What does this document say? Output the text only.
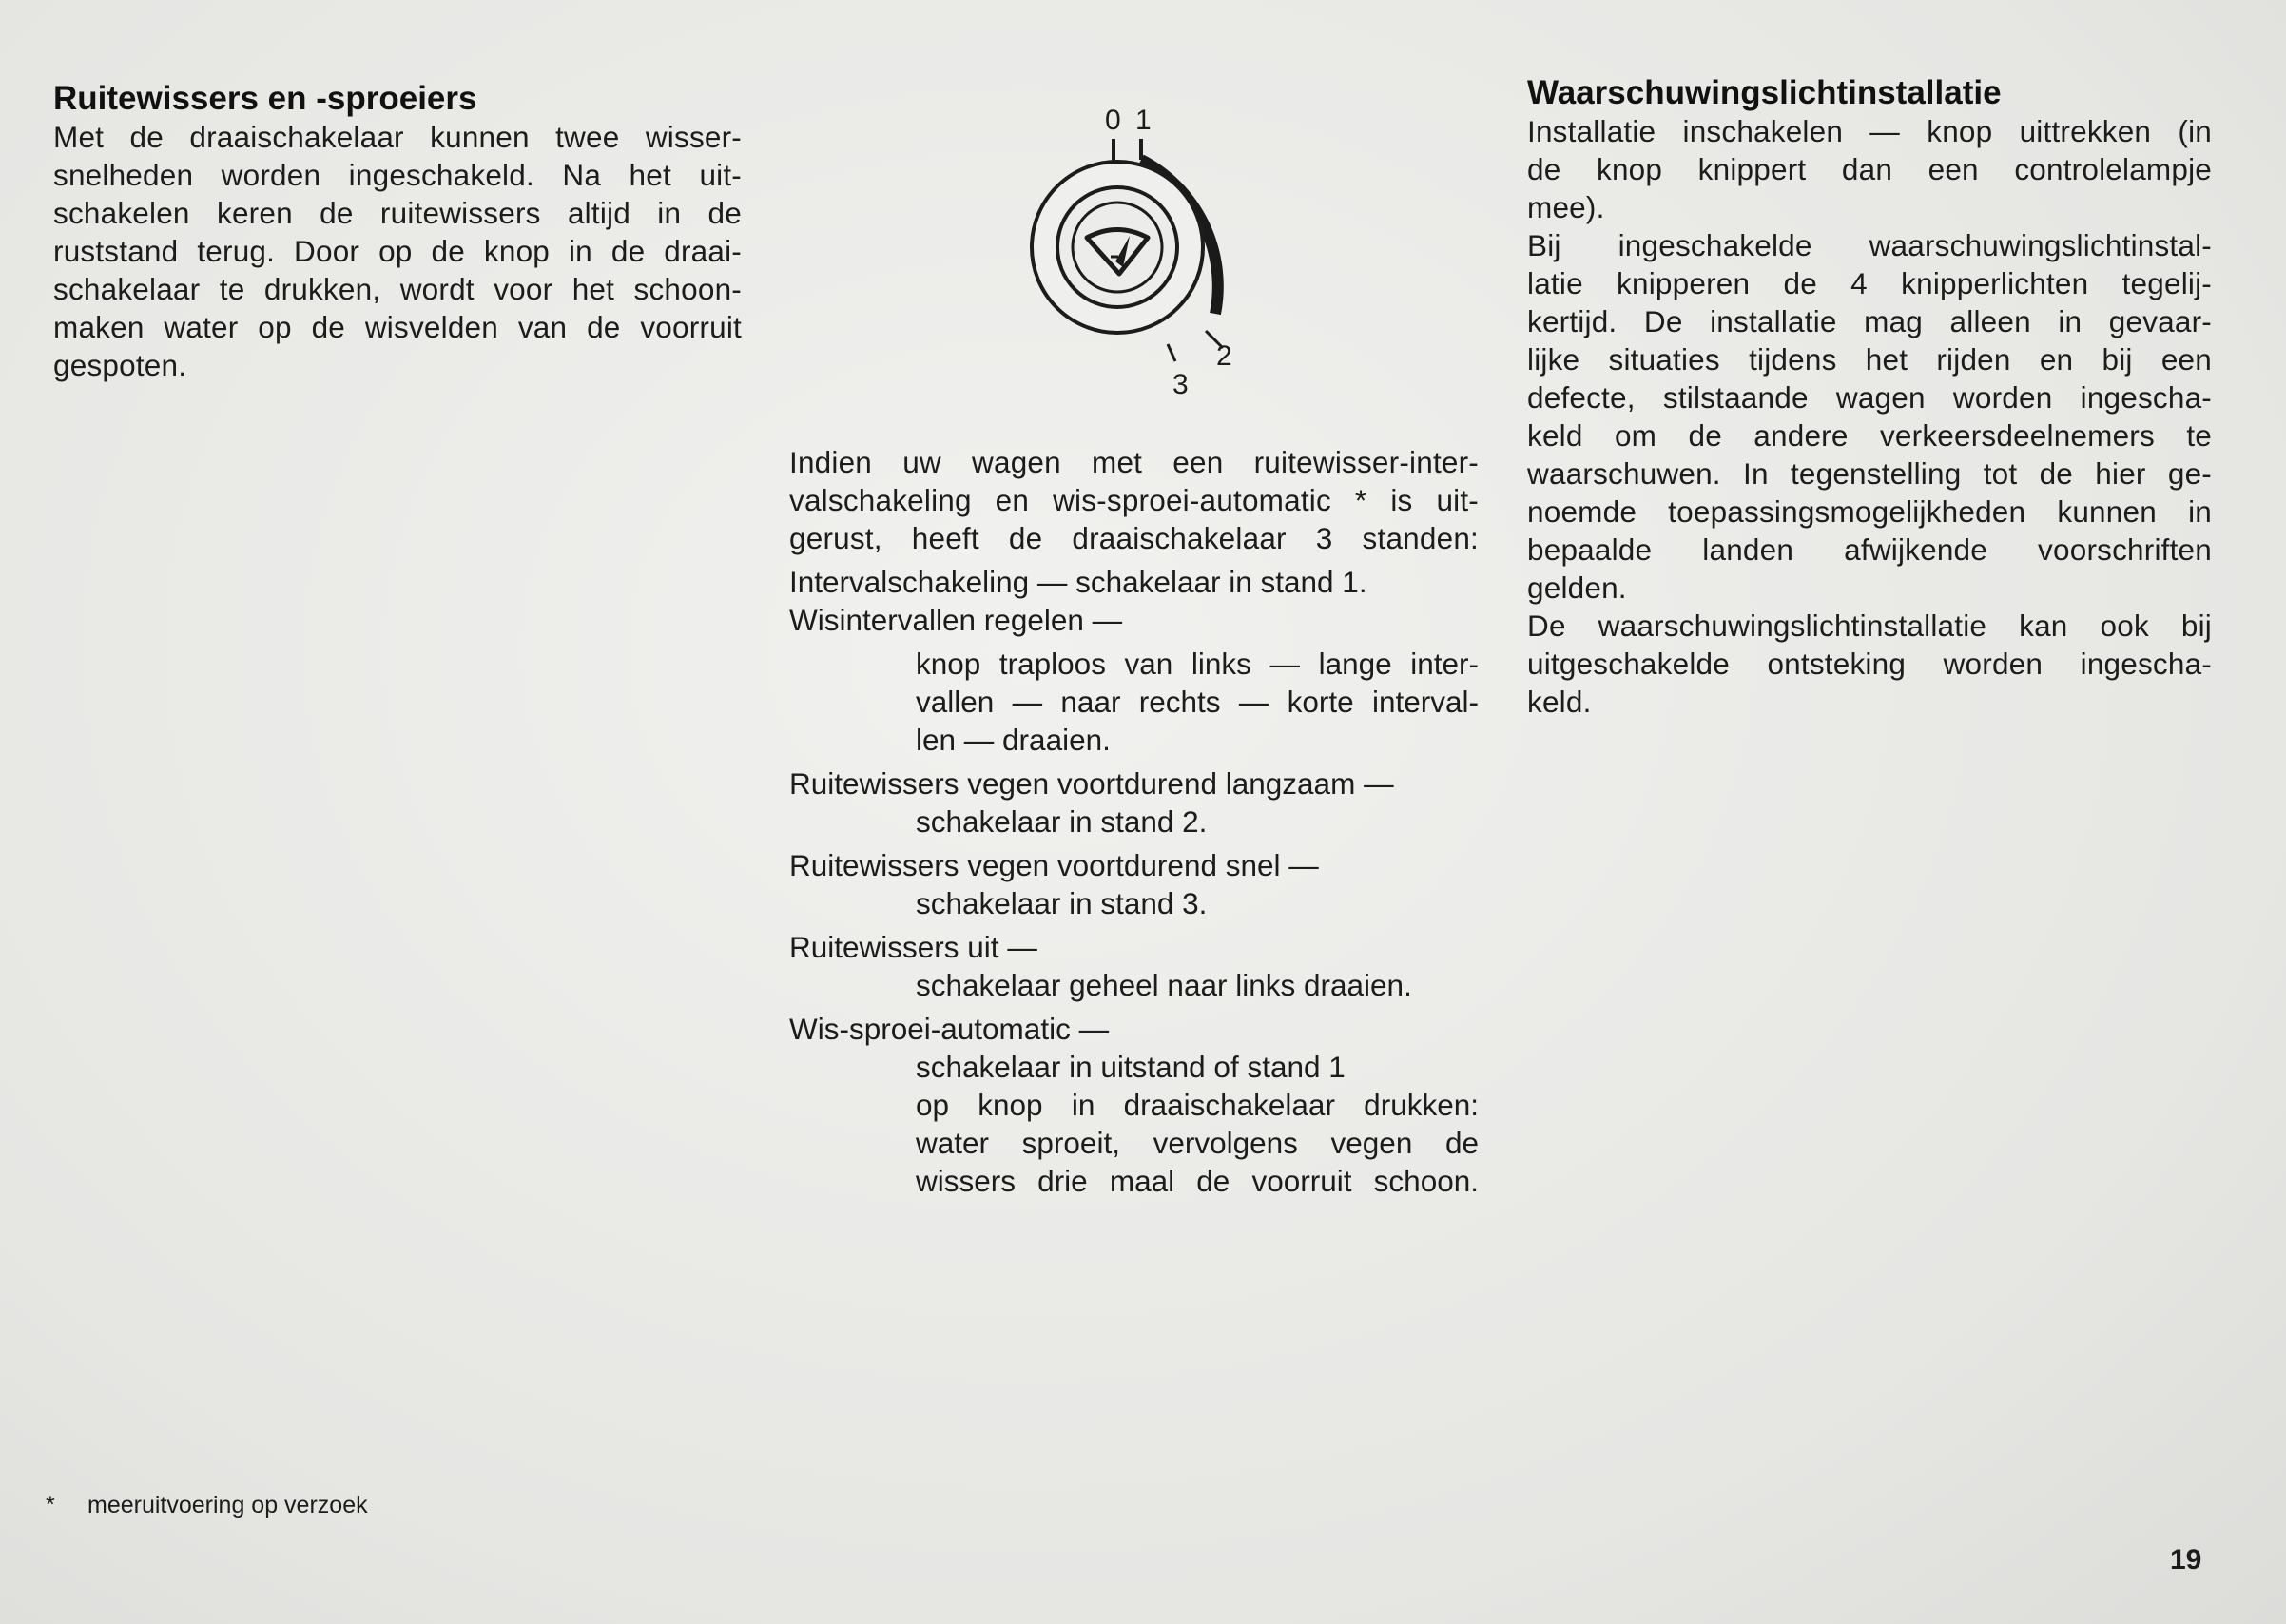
Ruitewissers en -sproeiers
Met de draaischakelaar kunnen twee wisser-
snelheden worden ingeschakeld. Na het uit-
schakelen keren de ruitewissers altijd in de
ruststand terug. Door op de knop in de draai-
schakelaar te drukken, wordt voor het schoon-
maken water op de wisvelden van de voorruit
gespoten.
0 1
2
3
Indien uw wagen met een ruitewisser-inter-
valschakeling en wis-sproei-automatic * is uit-
gerust, heeft de draaischakelaar 3 standen:
Intervalschakeling — schakelaar in stand 1.
Wisintervallen regelen —
knop traploos van links — lange inter-
vallen — naar rechts — korte interval-
len — draaien.
Ruitewissers vegen voortdurend langzaam —
schakelaar in stand 2.
Ruitewissers vegen voortdurend snel —
schakelaar in stand 3.
Ruitewissers uit —
schakelaar geheel naar links draaien.
Wis-sproei-automatic —
schakelaar in uitstand of stand 1
op knop in draaischakelaar drukken:
water sproeit, vervolgens vegen de
wissers drie maal de voorruit schoon.
Waarschuwingslichtinstallatie
Installatie inschakelen — knop uittrekken (in
de knop knippert dan een controlelampje
mee).
Bij ingeschakelde waarschuwingslichtinstal-
latie knipperen de 4 knipperlichten tegelij-
kertijd. De installatie mag alleen in gevaar-
lijke situaties tijdens het rijden en bij een
defecte, stilstaande wagen worden ingescha-
keld om de andere verkeersdeelnemers te
waarschuwen. In tegenstelling tot de hier ge-
noemde toepassingsmogelijkheden kunnen in
bepaalde landen afwijkende voorschriften
gelden.
De waarschuwingslichtinstallatie kan ook bij
uitgeschakelde ontsteking worden ingescha-
keld.
* meeruitvoering op verzoek
19
